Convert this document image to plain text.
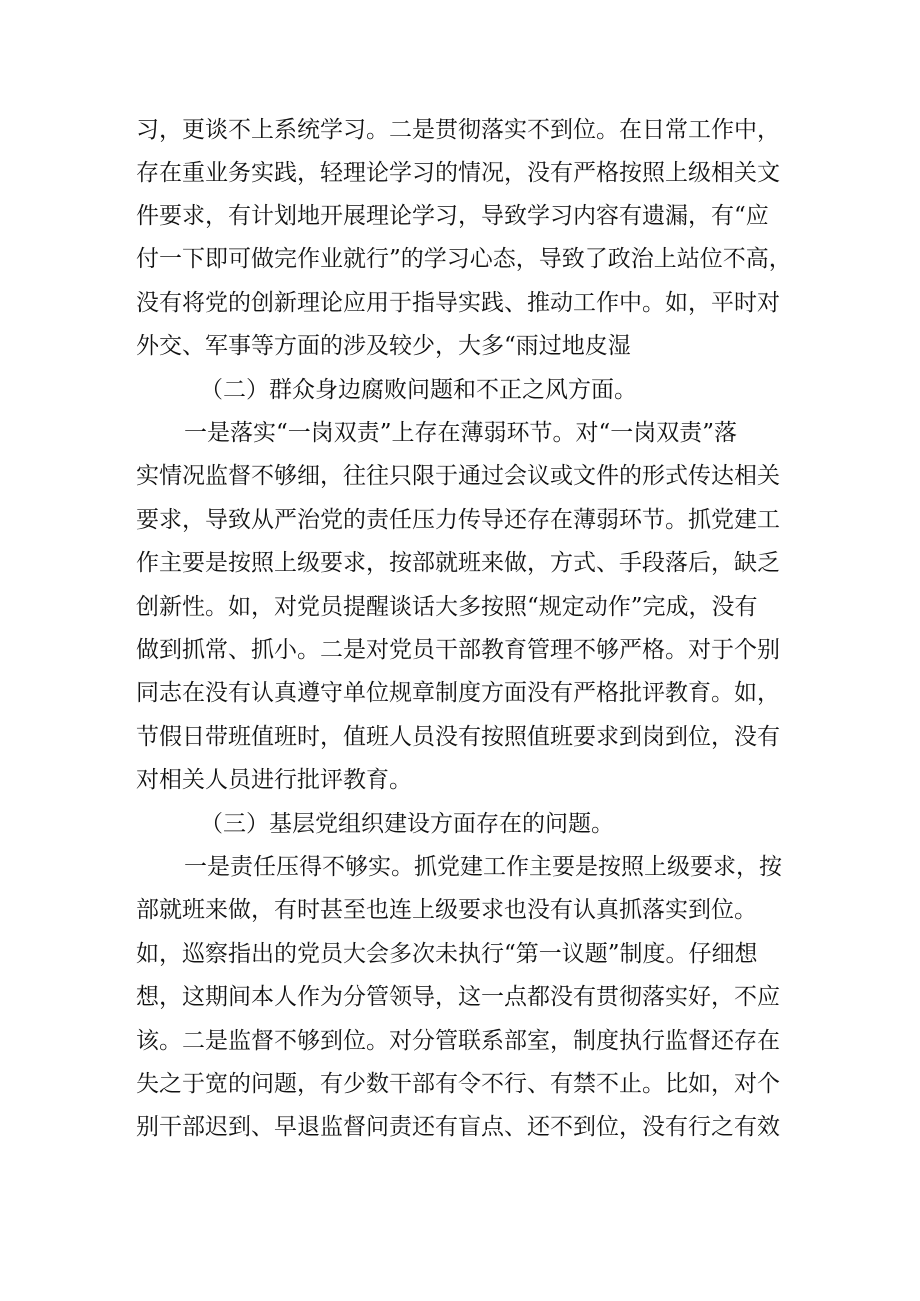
习，更谈不上系统学习。二是贯彻落实不到位。在日常工作中，
存在重业务实践，轻理论学习的情况，没有严格按照上级相关文
件要求，有计划地开展理论学习，导致学习内容有遗漏，有“应
付一下即可做完作业就行”的学习心态，导致了政治上站位不高，
没有将党的创新理论应用于指导实践、推动工作中。如，平时对
外交、军事等方面的涉及较少，大多“雨过地皮湿
（二）群众身边腐败问题和不正之风方面。
一是落实“一岗双责”上存在薄弱环节。对“一岗双责”落
实情况监督不够细，往往只限于通过会议或文件的形式传达相关
要求，导致从严治党的责任压力传导还存在薄弱环节。抓党建工
作主要是按照上级要求，按部就班来做，方式、手段落后，缺乏
创新性。如，对党员提醒谈话大多按照“规定动作”完成，没有
做到抓常、抓小。二是对党员干部教育管理不够严格。对于个别
同志在没有认真遵守单位规章制度方面没有严格批评教育。如，
节假日带班值班时，值班人员没有按照值班要求到岗到位，没有
对相关人员进行批评教育。
（三）基层党组织建设方面存在的问题。
一是责任压得不够实。抓党建工作主要是按照上级要求，按
部就班来做，有时甚至也连上级要求也没有认真抓落实到位。
如，巡察指出的党员大会多次未执行“第一议题”制度。仔细想
想，这期间本人作为分管领导，这一点都没有贯彻落实好，不应
该。二是监督不够到位。对分管联系部室，制度执行监督还存在
失之于宽的问题，有少数干部有令不行、有禁不止。比如，对个
别干部迟到、早退监督问责还有盲点、还不到位，没有行之有效
